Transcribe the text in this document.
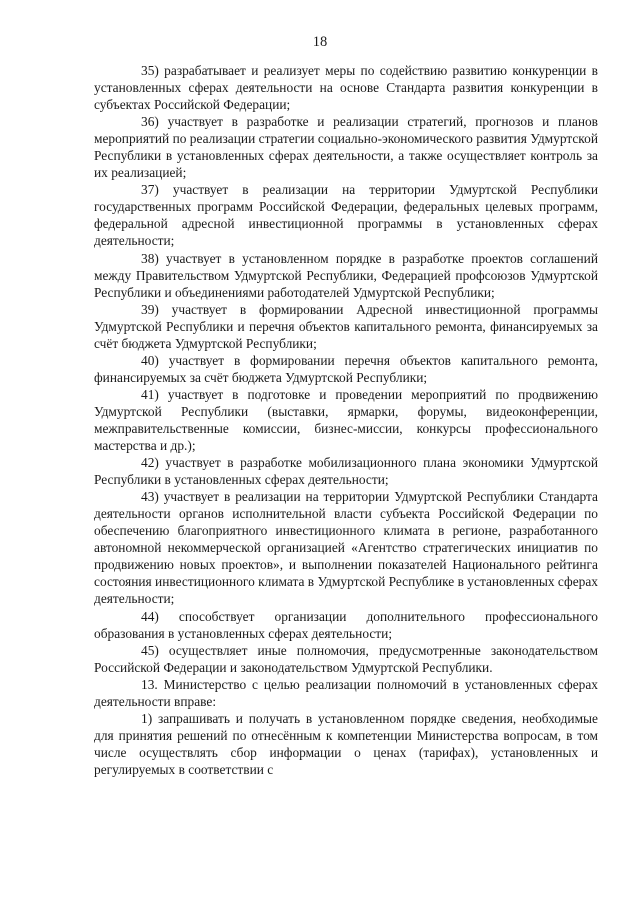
18

35) разрабатывает и реализует меры по содействию развитию конкуренции в установленных сферах деятельности на основе Стандарта развития конкуренции в субъектах Российской Федерации;

36) участвует в разработке и реализации стратегий, прогнозов и планов мероприятий по реализации стратегии социально-экономического развития Удмуртской Республики в установленных сферах деятельности, а также осуществляет контроль за их реализацией;

37) участвует в реализации на территории Удмуртской Республики государственных программ Российской Федерации, федеральных целевых программ, федеральной адресной инвестиционной программы в установленных сферах деятельности;

38) участвует в установленном порядке в разработке проектов соглашений между Правительством Удмуртской Республики, Федерацией профсоюзов Удмуртской Республики и объединениями работодателей Удмуртской Республики;

39) участвует в формировании Адресной инвестиционной программы Удмуртской Республики и перечня объектов капитального ремонта, финансируемых за счёт бюджета Удмуртской Республики;

40) участвует в формировании перечня объектов капитального ремонта, финансируемых за счёт бюджета Удмуртской Республики;

41) участвует в подготовке и проведении мероприятий по продвижению Удмуртской Республики (выставки, ярмарки, форумы, видеоконференции, межправительственные комиссии, бизнес-миссии, конкурсы профессионального мастерства и др.);

42) участвует в разработке мобилизационного плана экономики Удмуртской Республики в установленных сферах деятельности;

43) участвует в реализации на территории Удмуртской Республики Стандарта деятельности органов исполнительной власти субъекта Российской Федерации по обеспечению благоприятного инвестиционного климата в регионе, разработанного автономной некоммерческой организацией «Агентство стратегических инициатив по продвижению новых проектов», и выполнении показателей Национального рейтинга состояния инвестиционного климата в Удмуртской Республике в установленных сферах деятельности;

44) способствует организации дополнительного профессионального образования в установленных сферах деятельности;

45) осуществляет иные полномочия, предусмотренные законодательством Российской Федерации и законодательством Удмуртской Республики.

13. Министерство с целью реализации полномочий в установленных сферах деятельности вправе:

1) запрашивать и получать в установленном порядке сведения, необходимые для принятия решений по отнесённым к компетенции Министерства вопросам, в том числе осуществлять сбор информации о ценах (тарифах), установленных и регулируемых в соответствии с
